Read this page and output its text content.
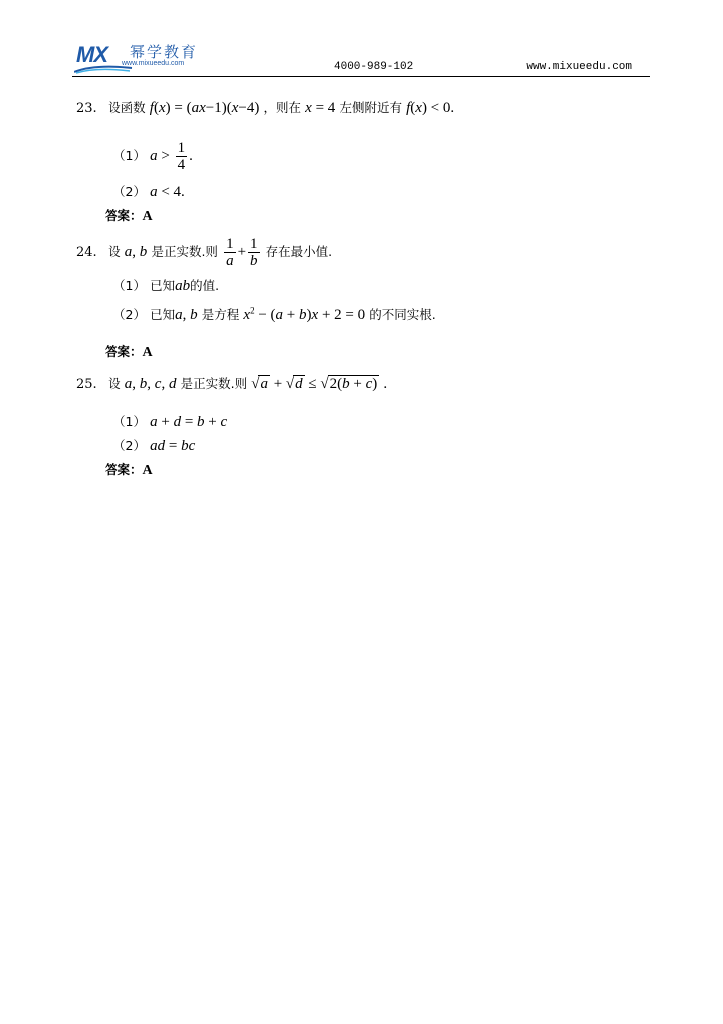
MX 幂学教育
www.mixueedu.com	4000-989-102	www.mixueedu.com
23. 设函数 f(x) = (ax−1)(x−4) ，则在 x = 4 左侧附近有 f(x) < 0.
（1） $a > \frac{1}{4}$ .
（2） a < 4.
答案：A
24. 设 a, b 是正实数.则 $\frac{1}{a} + \frac{1}{b}$ 存在最小值.
（1） 已知ab的值.
（2） 已知a, b 是方程 $x^2 - (a + b)x + 2 = 0$ 的不同实根.
答案：A
25. 设 a, b, c, d 是正实数.则 √a + √d ≤ √2(b + c) .
（1） a + d = b + c
（2） ad = bc
答案：A
